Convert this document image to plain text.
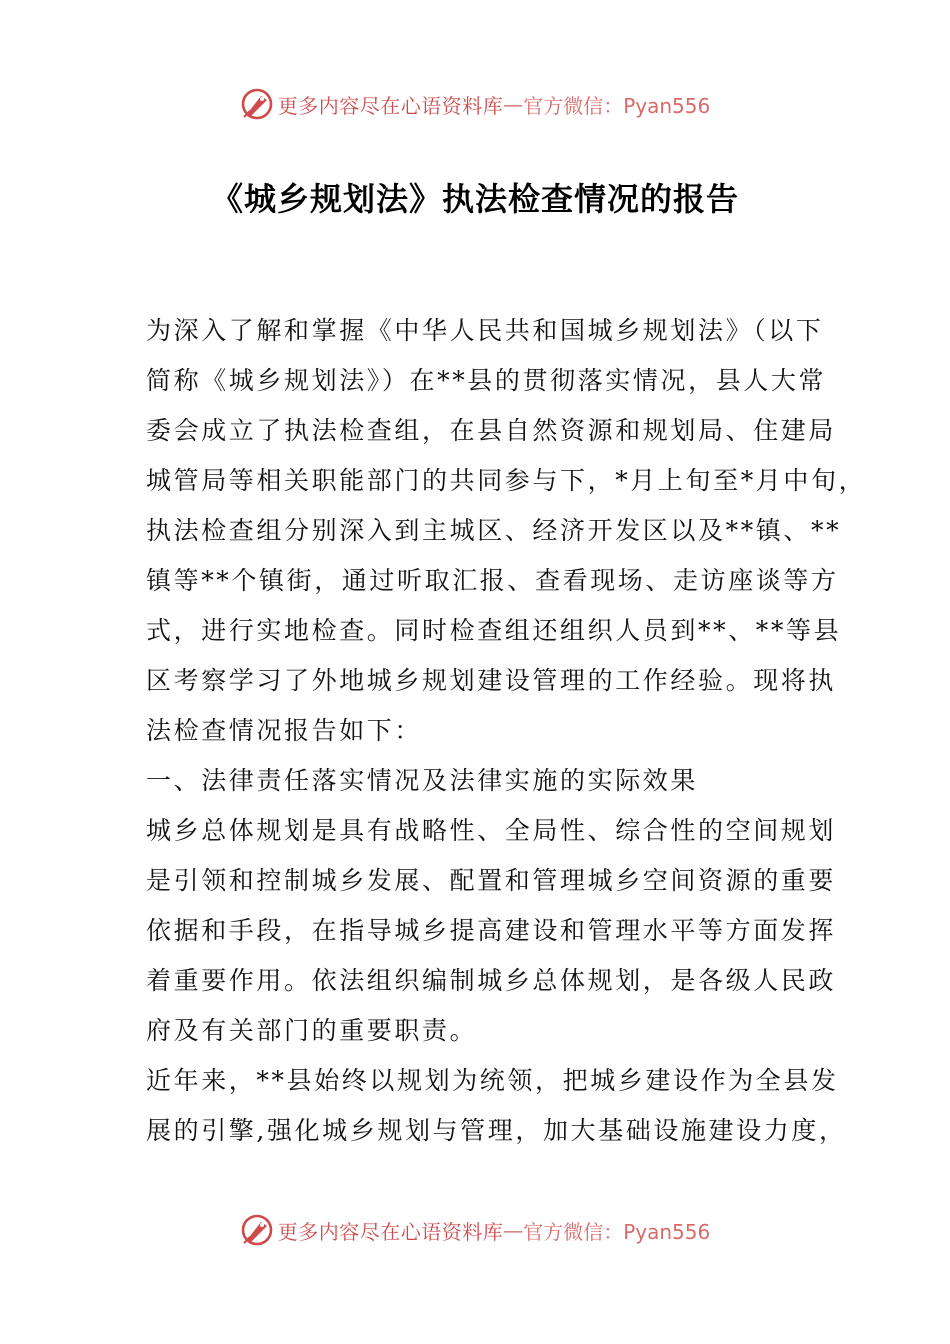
更多内容尽在心语资料库 — 官方微信：Pyan556
《城乡规划法》执法检查情况的报告
为深入了解和掌握《中华人民共和国城乡规划法》（以下
简称《城乡规划法》）在**县的贯彻落实情况，县人大常
委会成立了执法检查组，在县自然资源和规划局、住建局
城管局等相关职能部门的共同参与下，*月上旬至*月中旬，
执法检查组分别深入到主城区、经济开发区以及**镇、**
镇等**个镇街，通过听取汇报、查看现场、走访座谈等方
式，进行实地检查。同时检查组还组织人员到**、**等县
区考察学习了外地城乡规划建设管理的工作经验。现将执
法检查情况报告如下：
一、法律责任落实情况及法律实施的实际效果
城乡总体规划是具有战略性、全局性、综合性的空间规划
是引领和控制城乡发展、配置和管理城乡空间资源的重要
依据和手段，在指导城乡提高建设和管理水平等方面发挥
着重要作用。依法组织编制城乡总体规划，是各级人民政
府及有关部门的重要职责。
近年来，**县始终以规划为统领，把城乡建设作为全县发
展的引擎,强化城乡规划与管理，加大基础设施建设力度，
更多内容尽在心语资料库 — 官方微信：Pyan556
